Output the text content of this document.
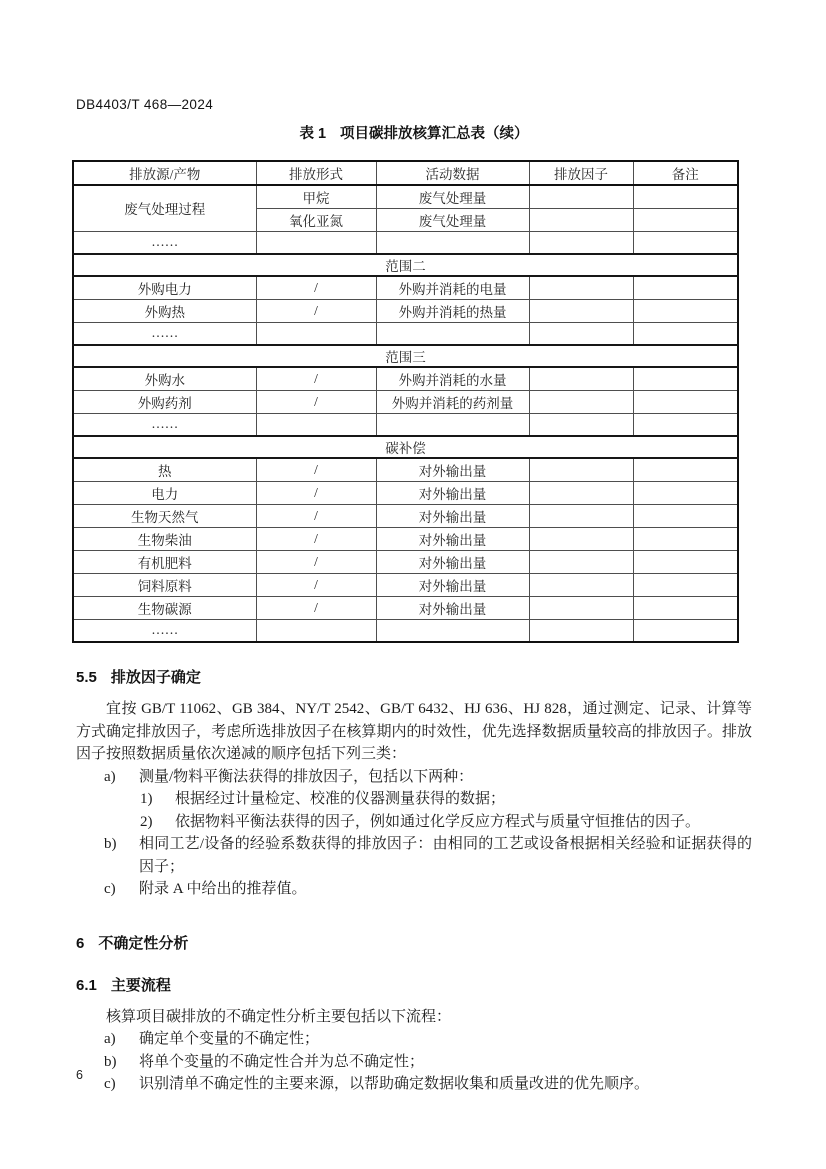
DB4403/T 468—2024
表 1 项目碳排放核算汇总表（续）
排放源/产物	排放形式	活动数据	排放因子	备注
废气处理过程	甲烷	废气处理量		
	氧化亚氮	废气处理量		
……				
范围二				
外购电力	/	外购并消耗的电量		
外购热	/	外购并消耗的热量		
……				
范围三				
外购水	/	外购并消耗的水量		
外购药剂	/	外购并消耗的药剂量		
……				
碳补偿				
热	/	对外输出量		
电力	/	对外输出量		
生物天然气	/	对外输出量		
生物柴油	/	对外输出量		
有机肥料	/	对外输出量		
饲料原料	/	对外输出量		
生物碳源	/	对外输出量		
……				
5.5 排放因子确定
宜按 GB/T 11062、GB 384、NY/T 2542、GB/T 6432、HJ 636、HJ 828，通过测定、记录、计算等方式确定排放因子，考虑所选排放因子在核算期内的时效性，优先选择数据质量较高的排放因子。排放因子按照数据质量依次递减的顺序包括下列三类：
a)	测量/物料平衡法获得的排放因子，包括以下两种：
1)	根据经过计量检定、校准的仪器测量获得的数据；
2)	依据物料平衡法获得的因子，例如通过化学反应方程式与质量守恒推估的因子。
b)	相同工艺/设备的经验系数获得的排放因子：由相同的工艺或设备根据相关经验和证据获得的因子；
c)	附录 A 中给出的推荐值。
6 不确定性分析
6.1 主要流程
核算项目碳排放的不确定性分析主要包括以下流程：
a)	确定单个变量的不确定性；
b)	将单个变量的不确定性合并为总不确定性；
c)	识别清单不确定性的主要来源，以帮助确定数据收集和质量改进的优先顺序。
6
